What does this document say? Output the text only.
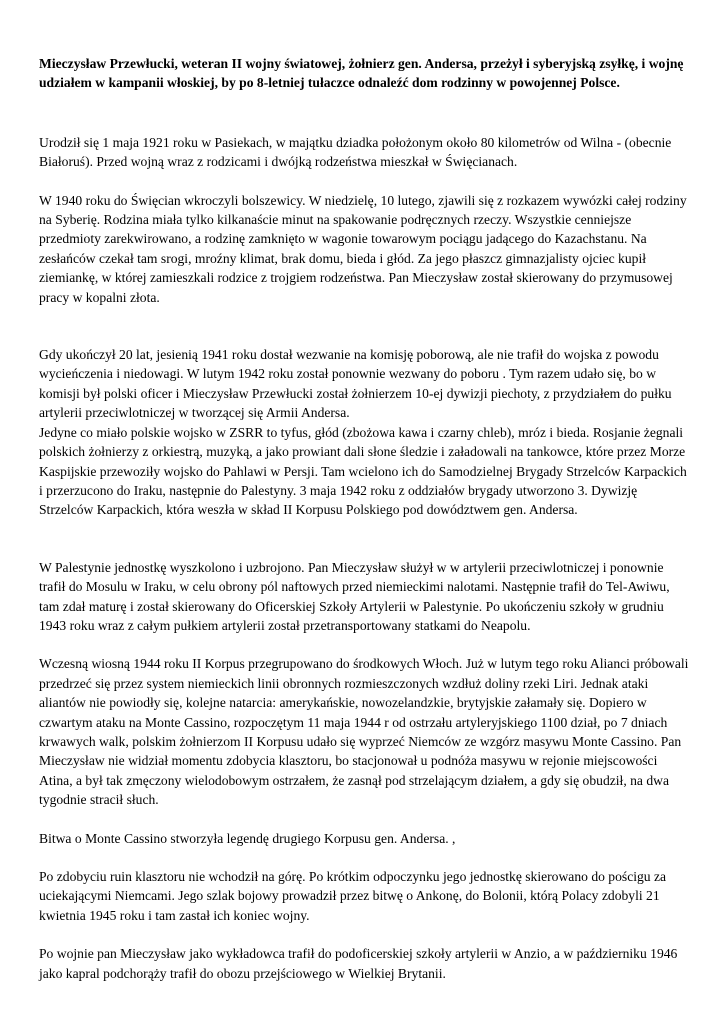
Mieczysław Przewłucki, weteran II wojny światowej, żołnierz gen. Andersa, przeżył i syberyjską zsyłkę, i wojnę udziałem w kampanii włoskiej, by po 8-letniej tułaczce odnaleźć dom rodzinny w powojennej Polsce.

Urodził się 1 maja 1921 roku w Pasiekach, w majątku dziadka położonym około 80 kilometrów od Wilna - (obecnie Białoruś). Przed wojną wraz z rodzicami i dwójką rodzeństwa mieszkał w Święcianach.

W 1940 roku do Święcian wkroczyli bolszewicy. W niedzielę, 10 lutego, zjawili się z rozkazem wywózki całej rodziny na Syberię. Rodzina miała tylko kilkanaście minut na spakowanie podręcznych rzeczy. Wszystkie cenniejsze przedmioty zarekwirowano, a rodzinę zamknięto w wagonie towarowym pociągu jadącego do Kazachstanu. Na zesłańców czekał tam srogi, mroźny klimat, brak domu, bieda i głód. Za jego płaszcz gimnazjalisty ojciec kupił ziemiankę, w której zamieszkali rodzice z trojgiem rodzeństwa. Pan Mieczysław został skierowany do przymusowej pracy w kopalni złota.

Gdy ukończył 20 lat, jesienią 1941 roku dostał wezwanie na komisję poborową, ale nie trafił do wojska z powodu wycieńczenia i niedowagi. W lutym 1942 roku został ponownie wezwany do poboru . Tym razem udało się, bo w komisji był polski oficer i Mieczysław Przewłucki został żołnierzem 10-ej dywizji piechoty, z przydziałem do pułku artylerii przeciwlotniczej w tworzącej się Armii Andersa.

Jedyne co miało polskie wojsko w ZSRR to tyfus, głód (zbożowa kawa i czarny chleb), mróz i bieda. Rosjanie żegnali polskich żołnierzy z orkiestrą, muzyką, a jako prowiant dali słone śledzie i załadowali na tankowce, które przez Morze Kaspijskie przewoziły wojsko do Pahlawi w Persji. Tam wcielono ich do Samodzielnej Brygady Strzelców Karpackich i przerzucono do Iraku, następnie do Palestyny. 3 maja 1942 roku z oddziałów brygady utworzono 3. Dywizję Strzelców Karpackich, która weszła w skład II Korpusu Polskiego pod dowództwem gen. Andersa.

W Palestynie jednostkę wyszkolono i uzbrojono. Pan Mieczysław służył w w artylerii przeciwlotniczej i ponownie trafił do Mosulu w Iraku, w celu obrony pól naftowych przed niemieckimi nalotami. Następnie trafił do Tel-Awiwu, tam zdał maturę i został skierowany do Oficerskiej Szkoły Artylerii w Palestynie. Po ukończeniu szkoły w grudniu 1943 roku wraz z całym pułkiem artylerii został przetransportowany statkami do Neapolu.

Wczesną wiosną 1944 roku II Korpus przegrupowano do środkowych Włoch. Już w lutym tego roku Alianci próbowali przedrzeć się przez system niemieckich linii obronnych rozmieszczonych wzdłuż doliny rzeki Liri. Jednak ataki aliantów nie powiodły się, kolejne natarcia: amerykańskie, nowozelandzkie, brytyjskie załamały się. Dopiero w czwartym ataku na Monte Cassino, rozpoczętym 11 maja 1944 r od ostrzału artyleryjskiego 1100 dział, po 7 dniach krwawych walk, polskim żołnierzom II Korpusu udało się wyprzeć Niemców ze wzgórz masywu Monte Cassino. Pan Mieczysław nie widział momentu zdobycia klasztoru, bo stacjonował u podnóża masywu w rejonie miejscowości Atina, a był tak zmęczony wielodobowym ostrzałem, że zasnął pod strzelającym działem, a gdy się obudził, na dwa tygodnie stracił słuch.

Bitwa o Monte Cassino stworzyła legendę drugiego Korpusu gen. Andersa. ,

Po zdobyciu ruin klasztoru nie wchodził na górę. Po krótkim odpoczynku jego jednostkę skierowano do pościgu za uciekającymi Niemcami. Jego szlak bojowy prowadził przez bitwę o Ankonę, do Bolonii, którą Polacy zdobyli 21 kwietnia 1945 roku i tam zastał ich koniec wojny.

Po wojnie pan Mieczysław jako wykładowca trafił do podoficerskiej szkoły artylerii w Anzio, a w październiku 1946 jako kapral podchorąży trafił do obozu przejściowego w Wielkiej Brytanii.
